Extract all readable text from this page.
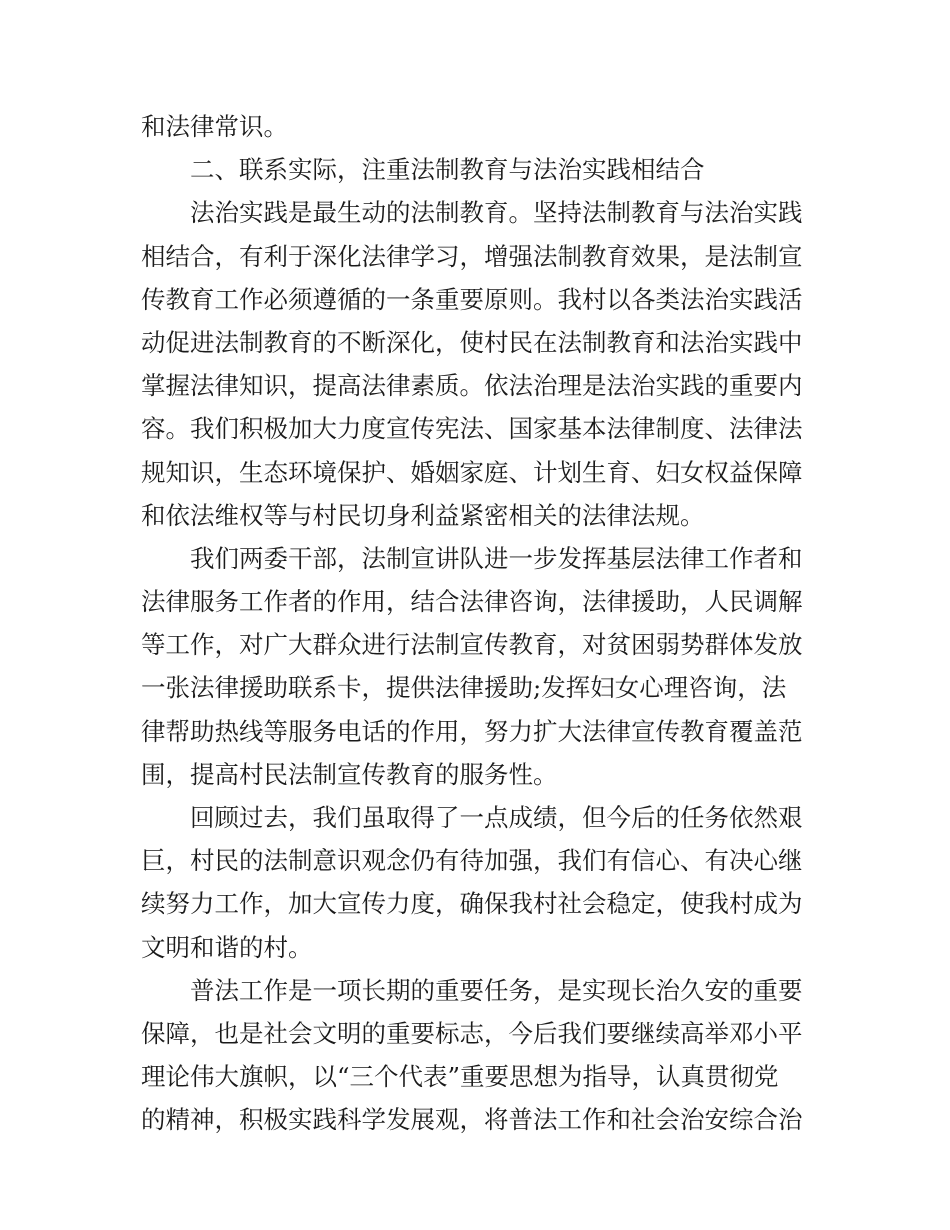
和法律常识。

二、联系实际，注重法制教育与法治实践相结合

法治实践是最生动的法制教育。坚持法制教育与法治实践
相结合，有利于深化法律学习，增强法制教育效果，是法制宣
传教育工作必须遵循的一条重要原则。我村以各类法治实践活
动促进法制教育的不断深化，使村民在法制教育和法治实践中
掌握法律知识，提高法律素质。依法治理是法治实践的重要内
容。我们积极加大力度宣传宪法、国家基本法律制度、法律法
规知识，生态环境保护、婚姻家庭、计划生育、妇女权益保障
和依法维权等与村民切身利益紧密相关的法律法规。

我们两委干部，法制宣讲队进一步发挥基层法律工作者和
法律服务工作者的作用，结合法律咨询，法律援助，人民调解
等工作，对广大群众进行法制宣传教育，对贫困弱势群体发放
一张法律援助联系卡，提供法律援助;发挥妇女心理咨询，法
律帮助热线等服务电话的作用，努力扩大法律宣传教育覆盖范
围，提高村民法制宣传教育的服务性。

回顾过去，我们虽取得了一点成绩，但今后的任务依然艰
巨，村民的法制意识观念仍有待加强，我们有信心、有决心继
续努力工作，加大宣传力度，确保我村社会稳定，使我村成为
文明和谐的村。

普法工作是一项长期的重要任务，是实现长治久安的重要
保障，也是社会文明的重要标志，今后我们要继续高举邓小平
理论伟大旗帜，以“三个代表”重要思想为指导，认真贯彻党
的精神，积极实践科学发展观，将普法工作和社会治安综合治
